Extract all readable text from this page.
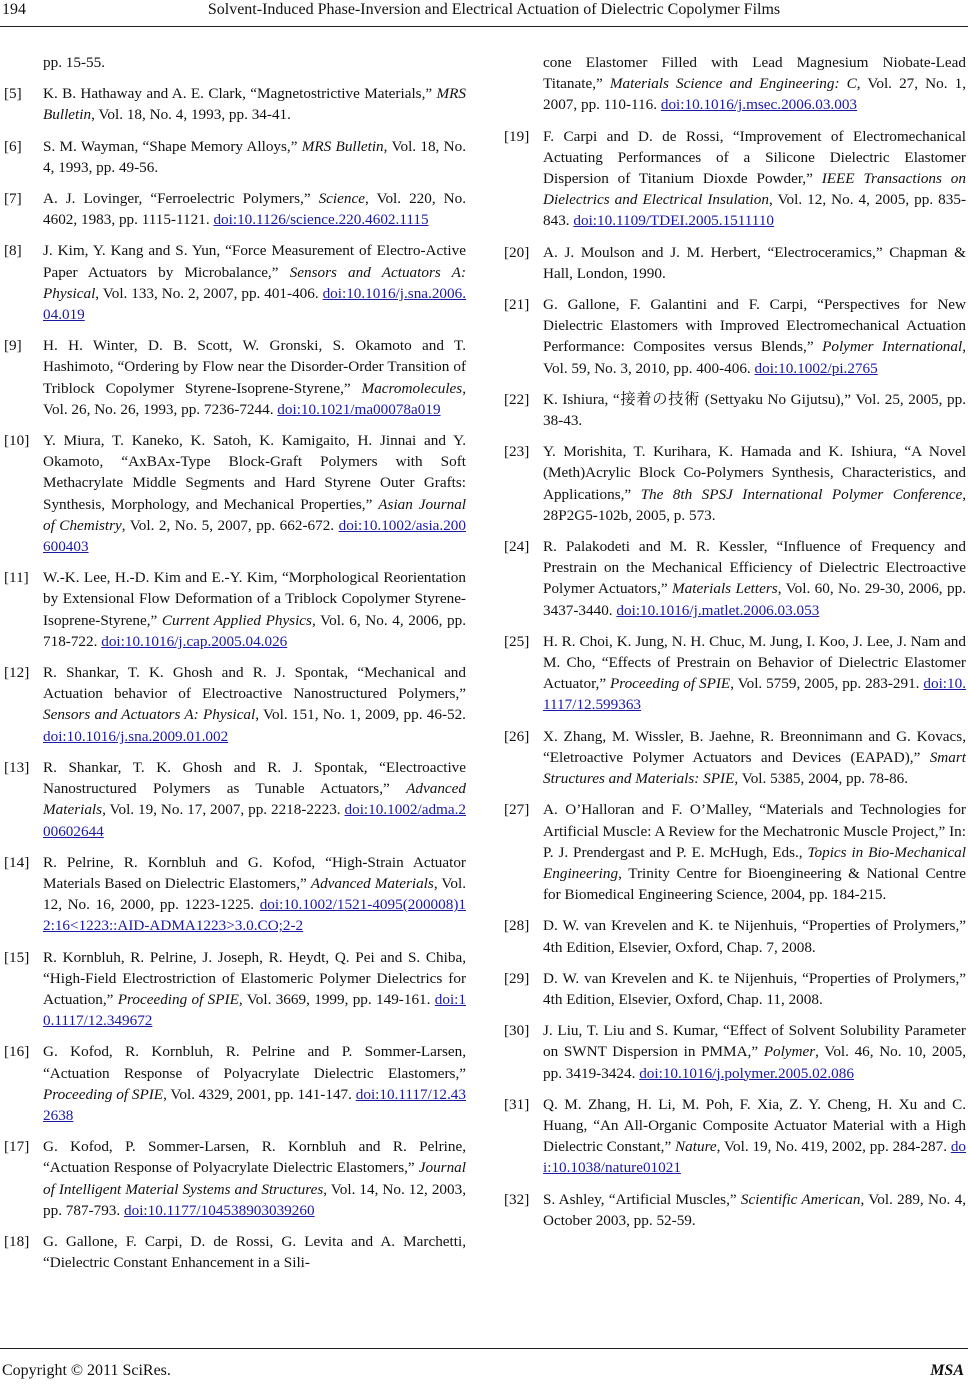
194	Solvent-Induced Phase-Inversion and Electrical Actuation of Dielectric Copolymer Films
pp. 15-55.
[5] K. B. Hathaway and A. E. Clark, “Magnetostrictive Materials,” MRS Bulletin, Vol. 18, No. 4, 1993, pp. 34-41.
[6] S. M. Wayman, “Shape Memory Alloys,” MRS Bulletin, Vol. 18, No. 4, 1993, pp. 49-56.
[7] A. J. Lovinger, “Ferroelectric Polymers,” Science, Vol. 220, No. 4602, 1983, pp. 1115-1121. doi:10.1126/science.220.4602.1115
[8] J. Kim, Y. Kang and S. Yun, “Force Measurement of Electro-Active Paper Actuators by Microbalance,” Sensors and Actuators A: Physical, Vol. 133, No. 2, 2007, pp. 401-406. doi:10.1016/j.sna.2006.04.019
[9] H. H. Winter, D. B. Scott, W. Gronski, S. Okamoto and T. Hashimoto, “Ordering by Flow near the Disorder-Order Transition of Triblock Copolymer Styrene-Isoprene-Styrene,” Macromolecules, Vol. 26, No. 26, 1993, pp. 7236-7244. doi:10.1021/ma00078a019
[10] Y. Miura, T. Kaneko, K. Satoh, K. Kamigaito, H. Jinnai and Y. Okamoto, “AxBAx-Type Block-Graft Polymers with Soft Methacrylate Middle Segments and Hard Styrene Outer Grafts: Synthesis, Morphology, and Mechanical Properties,” Asian Journal of Chemistry, Vol. 2, No. 5, 2007, pp. 662-672. doi:10.1002/asia.200600403
[11] W.-K. Lee, H.-D. Kim and E.-Y. Kim, “Morphological Reorientation by Extensional Flow Deformation of a Triblock Copolymer Styrene-Isoprene-Styrene,” Current Applied Physics, Vol. 6, No. 4, 2006, pp. 718-722. doi:10.1016/j.cap.2005.04.026
[12] R. Shankar, T. K. Ghosh and R. J. Spontak, “Mechanical and Actuation behavior of Electroactive Nanostructured Polymers,” Sensors and Actuators A: Physical, Vol. 151, No. 1, 2009, pp. 46-52. doi:10.1016/j.sna.2009.01.002
[13] R. Shankar, T. K. Ghosh and R. J. Spontak, “Electroactive Nanostructured Polymers as Tunable Actuators,” Advanced Materials, Vol. 19, No. 17, 2007, pp. 2218-2223. doi:10.1002/adma.200602644
[14] R. Pelrine, R. Kornbluh and G. Kofod, “High-Strain Actuator Materials Based on Dielectric Elastomers,” Advanced Materials, Vol. 12, No. 16, 2000, pp. 1223-1225. doi:10.1002/1521-4095(200008)12:16<1223::AID-ADMA1223>3.0.CO;2-2
[15] R. Kornbluh, R. Pelrine, J. Joseph, R. Heydt, Q. Pei and S. Chiba, “High-Field Electrostriction of Elastomeric Polymer Dielectrics for Actuation,” Proceeding of SPIE, Vol. 3669, 1999, pp. 149-161. doi:10.1117/12.349672
[16] G. Kofod, R. Kornbluh, R. Pelrine and P. Sommer-Larsen, “Actuation Response of Polyacrylate Dielectric Elastomers,” Proceeding of SPIE, Vol. 4329, 2001, pp. 141-147. doi:10.1117/12.432638
[17] G. Kofod, P. Sommer-Larsen, R. Kornbluh and R. Pelrine, “Actuation Response of Polyacrylate Dielectric Elastomers,” Journal of Intelligent Material Systems and Structures, Vol. 14, No. 12, 2003, pp. 787-793. doi:10.1177/104538903039260
[18] G. Gallone, F. Carpi, D. de Rossi, G. Levita and A. Marchetti, “Dielectric Constant Enhancement in a Sili-
cone Elastomer Filled with Lead Magnesium Niobate-Lead Titanate,” Materials Science and Engineering: C, Vol. 27, No. 1, 2007, pp. 110-116. doi:10.1016/j.msec.2006.03.003
[19] F. Carpi and D. de Rossi, “Improvement of Electromechanical Actuating Performances of a Silicone Dielectric Elastomer Dispersion of Titanium Dioxde Powder,” IEEE Transactions on Dielectrics and Electrical Insulation, Vol. 12, No. 4, 2005, pp. 835-843. doi:10.1109/TDEI.2005.1511110
[20] A. J. Moulson and J. M. Herbert, “Electroceramics,” Chapman & Hall, London, 1990.
[21] G. Gallone, F. Galantini and F. Carpi, “Perspectives for New Dielectric Elastomers with Improved Electromechanical Actuation Performance: Composites versus Blends,” Polymer International, Vol. 59, No. 3, 2010, pp. 400-406. doi:10.1002/pi.2765
[22] K. Ishiura, “接着の技術 (Settyaku No Gijutsu),” Vol. 25, 2005, pp. 38-43.
[23] Y. Morishita, T. Kurihara, K. Hamada and K. Ishiura, “A Novel (Meth)Acrylic Block Co-Polymers Synthesis, Characteristics, and Applications,” The 8th SPSJ International Polymer Conference, 28P2G5-102b, 2005, p. 573.
[24] R. Palakodeti and M. R. Kessler, “Influence of Frequency and Prestrain on the Mechanical Efficiency of Dielectric Electroactive Polymer Actuators,” Materials Letters, Vol. 60, No. 29-30, 2006, pp. 3437-3440. doi:10.1016/j.matlet.2006.03.053
[25] H. R. Choi, K. Jung, N. H. Chuc, M. Jung, I. Koo, J. Lee, J. Nam and M. Cho, “Effects of Prestrain on Behavior of Dielectric Elastomer Actuator,” Proceeding of SPIE, Vol. 5759, 2005, pp. 283-291. doi:10.1117/12.599363
[26] X. Zhang, M. Wissler, B. Jaehne, R. Breonnimann and G. Kovacs, “Eletroactive Polymer Actuators and Devices (EAPAD),” Smart Structures and Materials: SPIE, Vol. 5385, 2004, pp. 78-86.
[27] A. O’Halloran and F. O’Malley, “Materials and Technologies for Artificial Muscle: A Review for the Mechatronic Muscle Project,” In: P. J. Prendergast and P. E. McHugh, Eds., Topics in Bio-Mechanical Engineering, Trinity Centre for Bioengineering & National Centre for Biomedical Engineering Science, 2004, pp. 184-215.
[28] D. W. van Krevelen and K. te Nijenhuis, “Properties of Prolymers,” 4th Edition, Elsevier, Oxford, Chap. 7, 2008.
[29] D. W. van Krevelen and K. te Nijenhuis, “Properties of Prolymers,” 4th Edition, Elsevier, Oxford, Chap. 11, 2008.
[30] J. Liu, T. Liu and S. Kumar, “Effect of Solvent Solubility Parameter on SWNT Dispersion in PMMA,” Polymer, Vol. 46, No. 10, 2005, pp. 3419-3424. doi:10.1016/j.polymer.2005.02.086
[31] Q. M. Zhang, H. Li, M. Poh, F. Xia, Z. Y. Cheng, H. Xu and C. Huang, “An All-Organic Composite Actuator Material with a High Dielectric Constant,” Nature, Vol. 19, No. 419, 2002, pp. 284-287. doi:10.1038/nature01021
[32] S. Ashley, “Artificial Muscles,” Scientific American, Vol. 289, No. 4, October 2003, pp. 52-59.
Copyright © 2011 SciRes.	MSA
